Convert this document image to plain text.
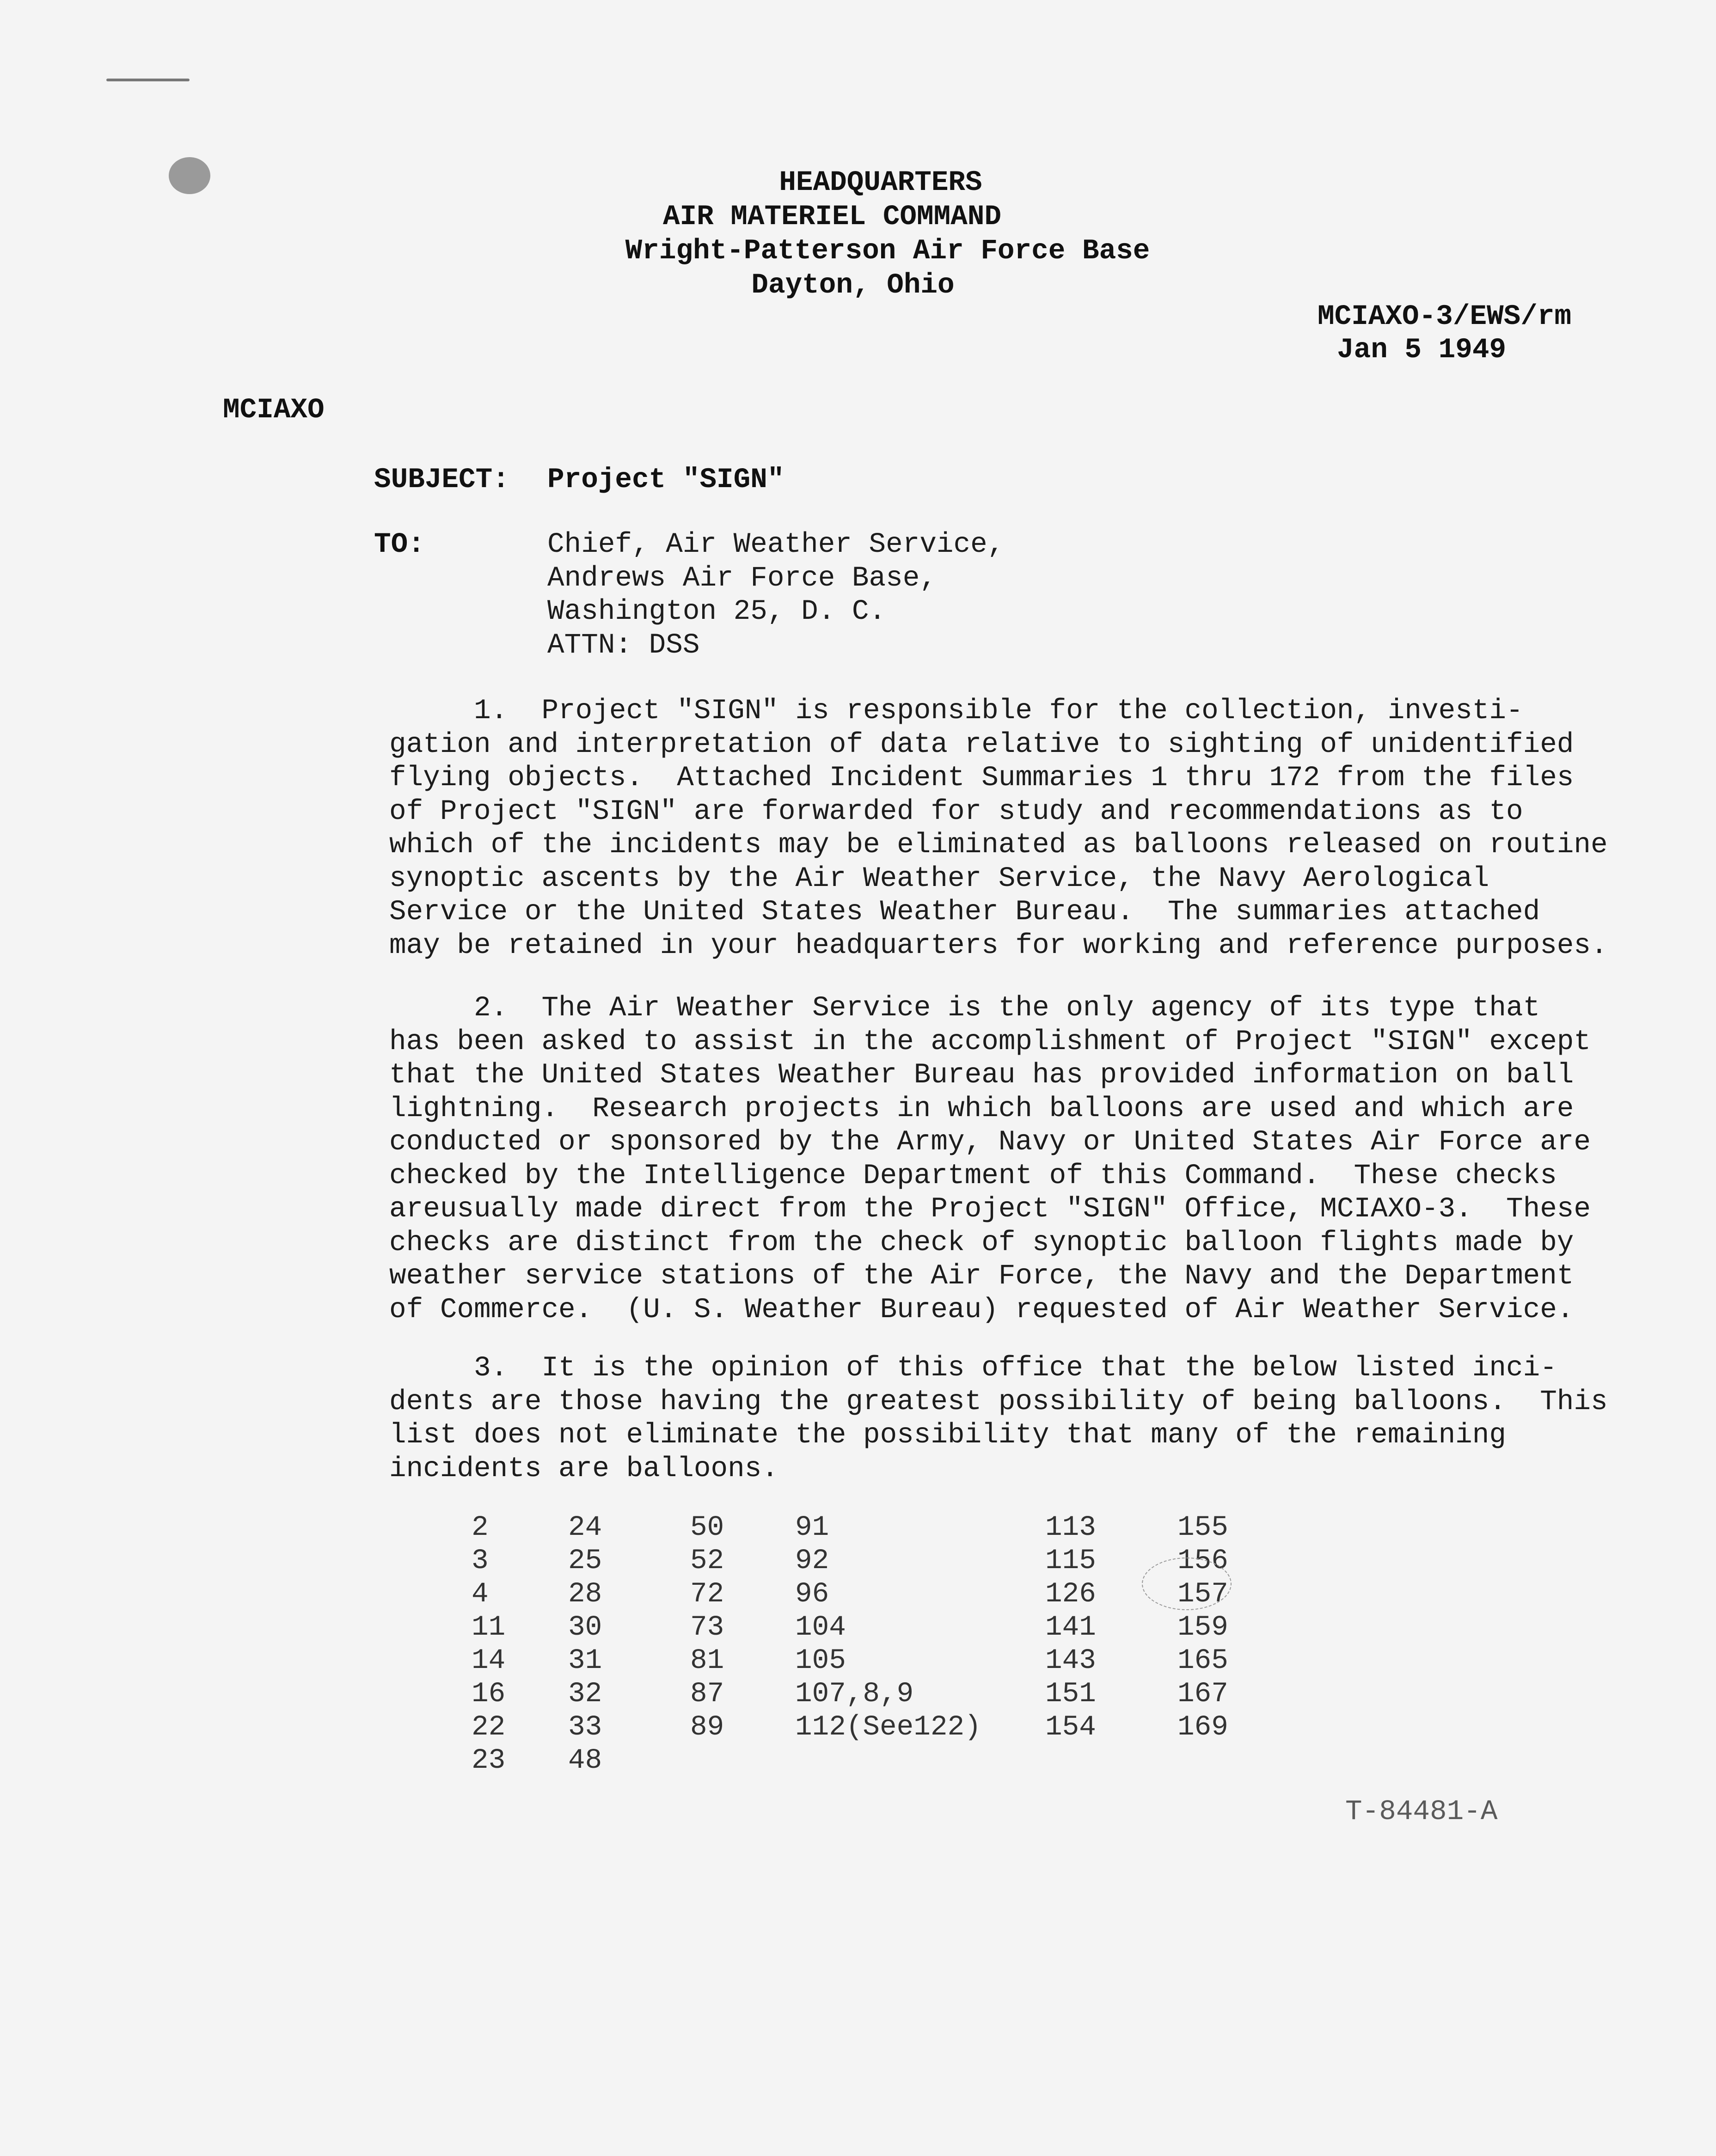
HEADQUARTERS
AIR MATERIEL COMMAND
Wright-Patterson Air Force Base
Dayton, Ohio
MCIAXO-3/EWS/rm
Jan 5 1949
MCIAXO
SUBJECT: Project "SIGN"
TO:	Chief, Air Weather Service,
Andrews Air Force Base,
Washington 25, D. C.
ATTN: DSS
1.  Project "SIGN" is responsible for the collection, investi-
gation and interpretation of data relative to sighting of unidentified
flying objects.  Attached Incident Summaries 1 thru 172 from the files
of Project "SIGN" are forwarded for study and recommendations as to
which of the incidents may be eliminated as balloons released on routine
synoptic ascents by the Air Weather Service, the Navy Aerological
Service or the United States Weather Bureau.  The summaries attached
may be retained in your headquarters for working and reference purposes.
2.  The Air Weather Service is the only agency of its type that
has been asked to assist in the accomplishment of Project "SIGN" except
that the United States Weather Bureau has provided information on ball
lightning.  Research projects in which balloons are used and which are
conducted or sponsored by the Army, Navy or United States Air Force are
checked by the Intelligence Department of this Command.  These checks
areusually made direct from the Project "SIGN" Office, MCIAXO-3.  These
checks are distinct from the check of synoptic balloon flights made by
weather service stations of the Air Force, the Navy and the Department
of Commerce.  (U. S. Weather Bureau) requested of Air Weather Service.
3.  It is the opinion of this office that the below listed inci-
dents are those having the greatest possibility of being balloons.  This
list does not eliminate the possibility that many of the remaining
incidents are balloons.
2
3
4
11
14
16
22
23
24
25
28
30
31
32
33
48
50
52
72
73
81
87
89
91
92
96
104
105
107,8,9
112(See122)
113
115
126
141
143
151
154
155
156
157
159
165
167
169
T-84481-A
